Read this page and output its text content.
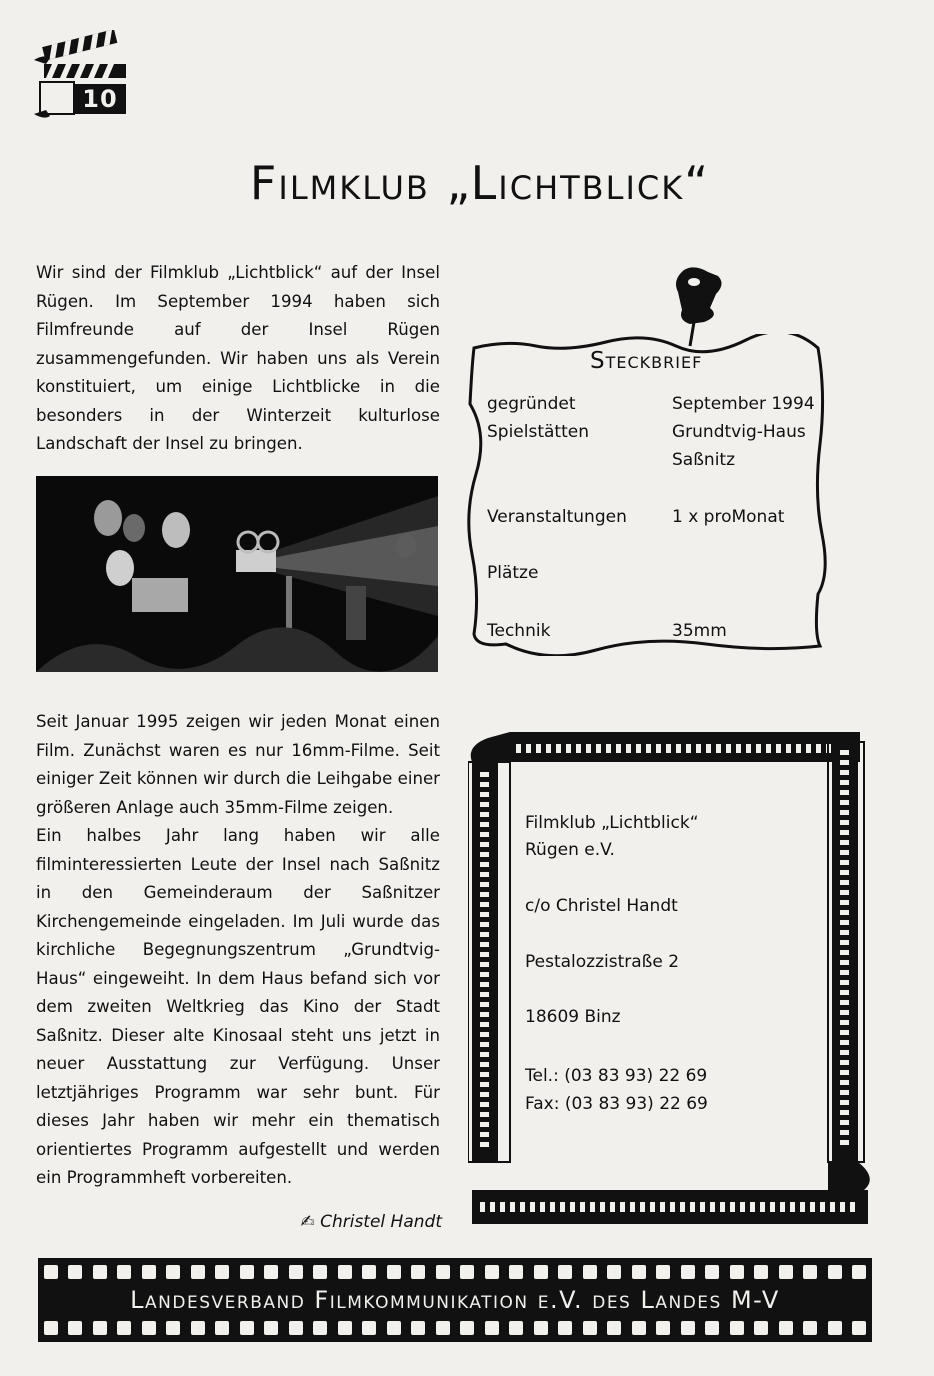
10
Filmklub „Lichtblick“
Wir sind der Filmklub „Lichtblick“ auf der Insel Rügen. Im September 1994 haben sich Filmfreunde auf der Insel Rügen zusammengefunden. Wir haben uns als Verein konstituiert, um einige Lichtblicke in die besonders in der Winterzeit kulturlose Landschaft der Insel zu bringen.
Seit Januar 1995 zeigen wir jeden Monat einen Film. Zunächst waren es nur 16mm-Filme. Seit einiger Zeit können wir durch die Leihgabe einer größeren Anlage auch 35mm-Filme zeigen.
Ein halbes Jahr lang haben wir alle filminteressierten Leute der Insel nach Saßnitz in den Gemeinderaum der Saßnitzer Kirchengemeinde eingeladen. Im Juli wurde das kirchliche Begegnungszentrum „Grundtvig-Haus“ eingeweiht. In dem Haus befand sich vor dem zweiten Weltkrieg das Kino der Stadt Saßnitz. Dieser alte Kinosaal steht uns jetzt in neuer Ausstattung zur Verfügung. Unser letztjähriges Programm war sehr bunt. Für dieses Jahr haben wir mehr ein thematisch orientiertes Programm aufgestellt und werden ein Programmheft vorbereiten.
✍ Christel Handt
Steckbrief
gegründet	September 1994
Spielstätten	Grundtvig-Haus
Saßnitz
Veranstaltungen	1 x proMonat
Plätze
Technik	35mm
Filmklub „Lichtblick“
Rügen e.V.
c/o Christel Handt
Pestalozzistraße 2
18609 Binz
Tel.: (03 83 93) 22 69
Fax: (03 83 93) 22 69
Landesverband Filmkommunikation e.V. des Landes M-V
